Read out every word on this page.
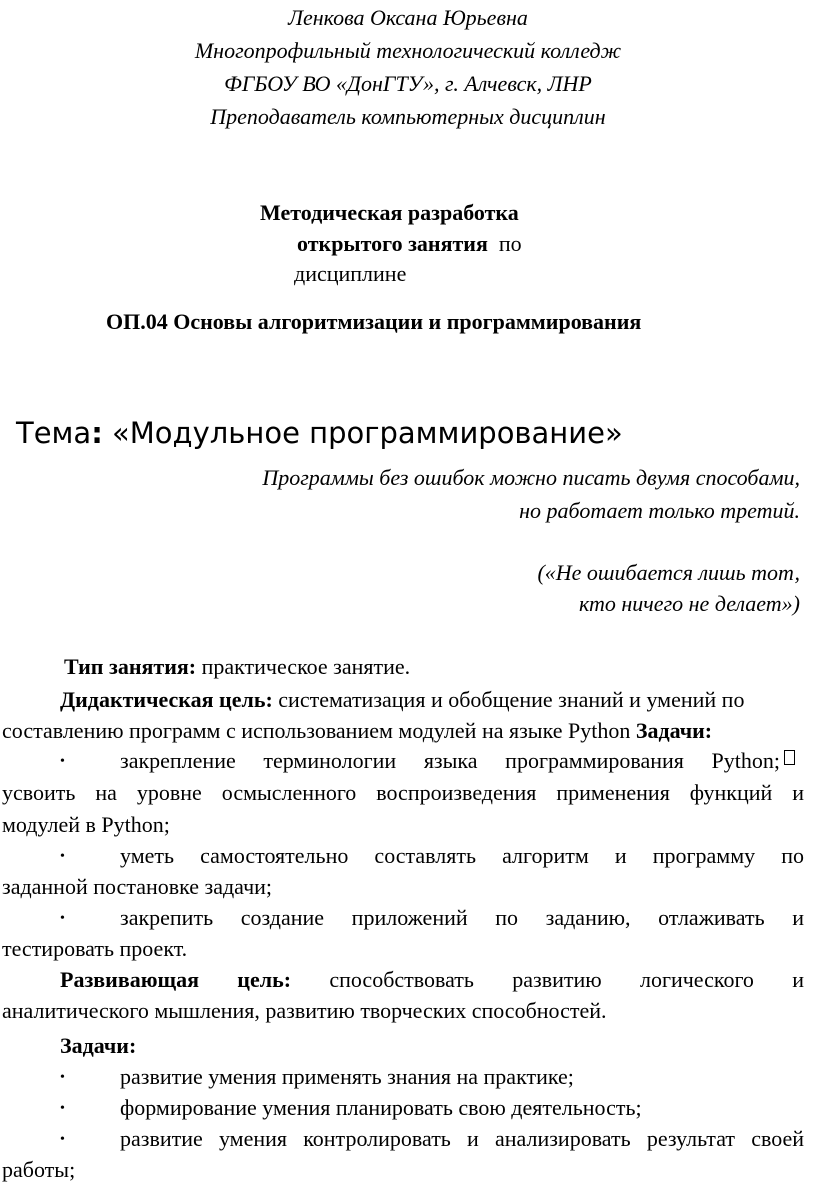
Ленкова Оксана Юрьевна
Многопрофильный технологический колледж
ФГБОУ ВО «ДонГТУ», г. Алчевск, ЛНР
Преподаватель компьютерных дисциплин
Методическая разработка
открытого занятия по
дисциплине
ОП.04 Основы алгоритмизации и программирования
Тема: «Модульное программирование»
Программы без ошибок можно писать двумя способами,
но работает только третий.
(«Не ошибается лишь тот,
кто ничего не делает»)
Тип занятия: практическое занятие.
Дидактическая цель: систематизация и обобщение знаний и умений по
составлению программ с использованием модулей на языке Python Задачи:
•	закрепление терминологии языка программирования Python;
усвоить на уровне осмысленного воспроизведения применения функций и
модулей в Python;
•	уметь самостоятельно составлять алгоритм и программу по
заданной постановке задачи;
•	закрепить создание приложений по заданию, отлаживать и
тестировать проект.
Развивающая цель: способствовать развитию логического и
аналитического мышления, развитию творческих способностей.
Задачи:
•	развитие умения применять знания на практике;
•	формирование умения планировать свою деятельность;
•	развитие умения контролировать и анализировать результат своей
работы;
